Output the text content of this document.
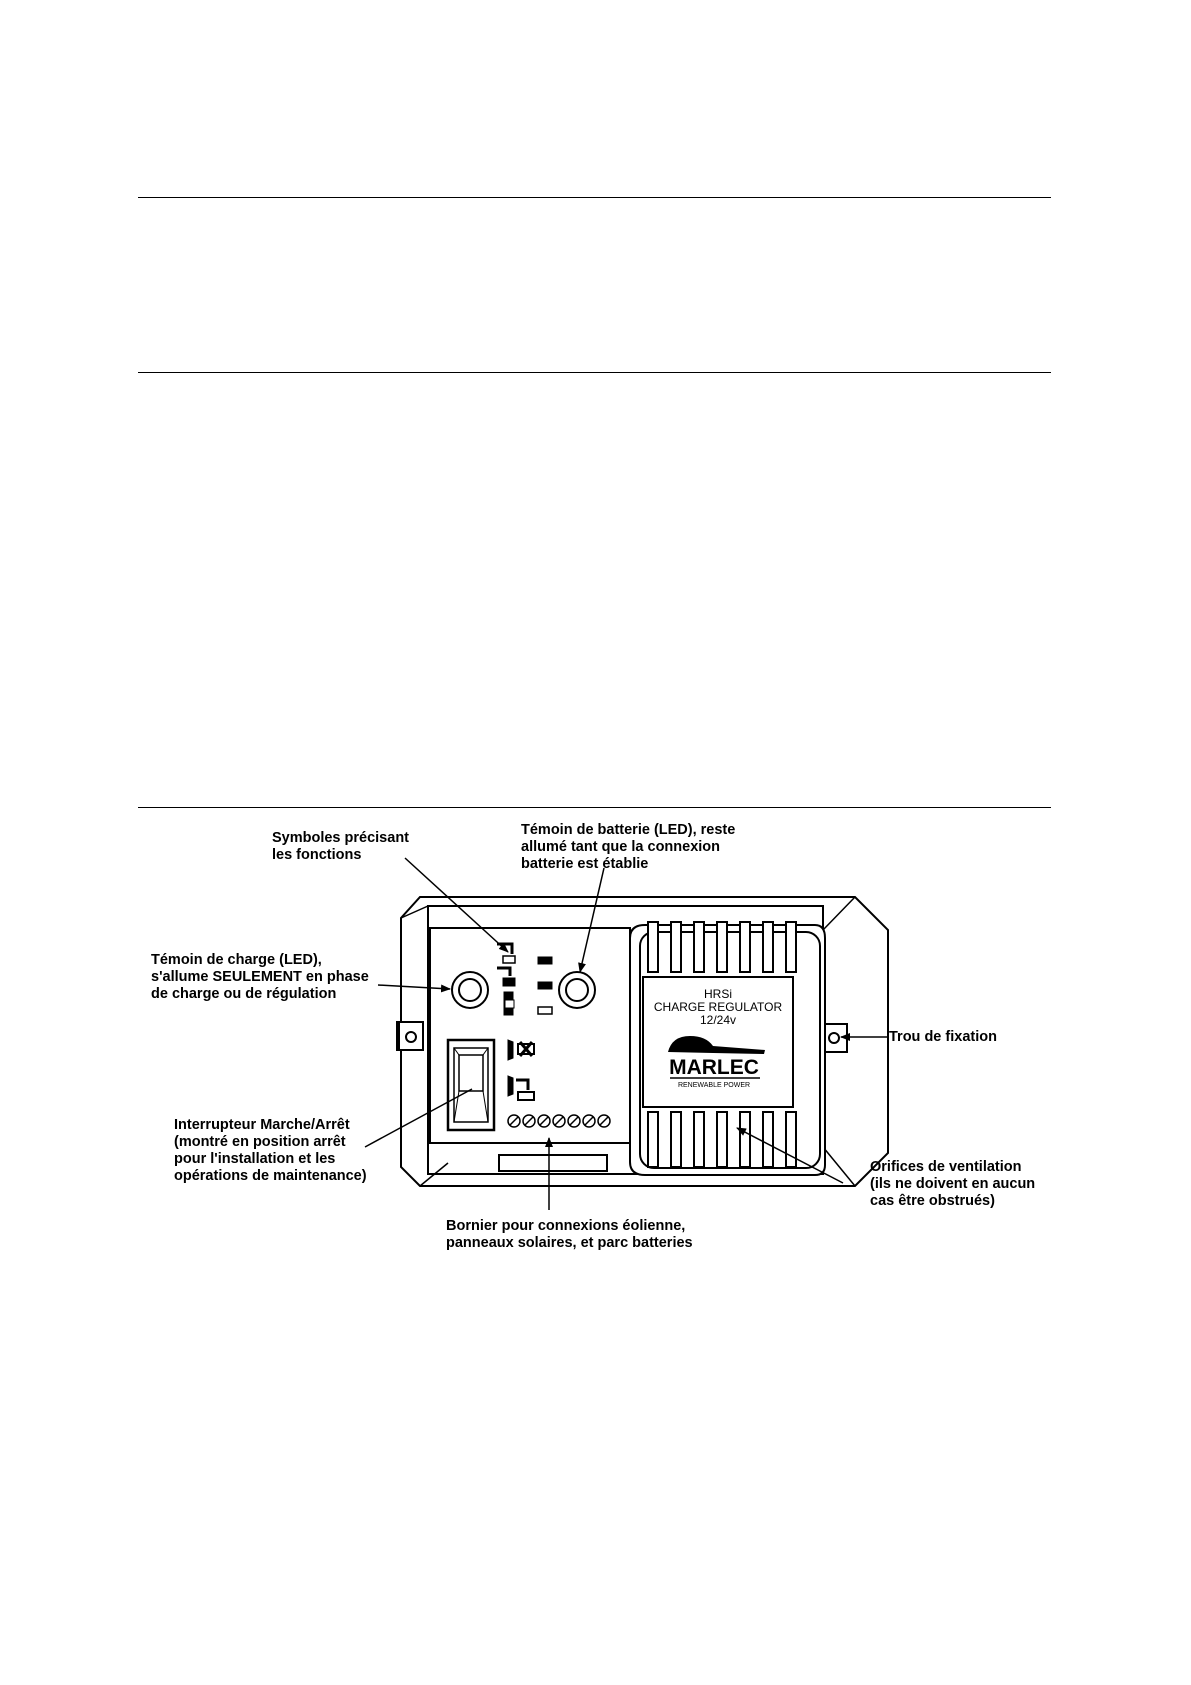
HRSi
CHARGE REGULATOR
12/24v
MARLEC
RENEWABLE POWER
Symboles précisant
les fonctions
Témoin de batterie (LED), reste
allumé tant que la connexion
batterie est établie
Témoin de charge (LED),
s'allume SEULEMENT en phase
de charge ou de régulation
Trou de fixation
Interrupteur Marche/Arrêt
(montré en position arrêt
pour l'installation et les
opérations de maintenance)
Orifices de ventilation
(ils ne doivent en aucun
cas être obstrués)
Bornier pour connexions éolienne,
panneaux solaires, et parc batteries
